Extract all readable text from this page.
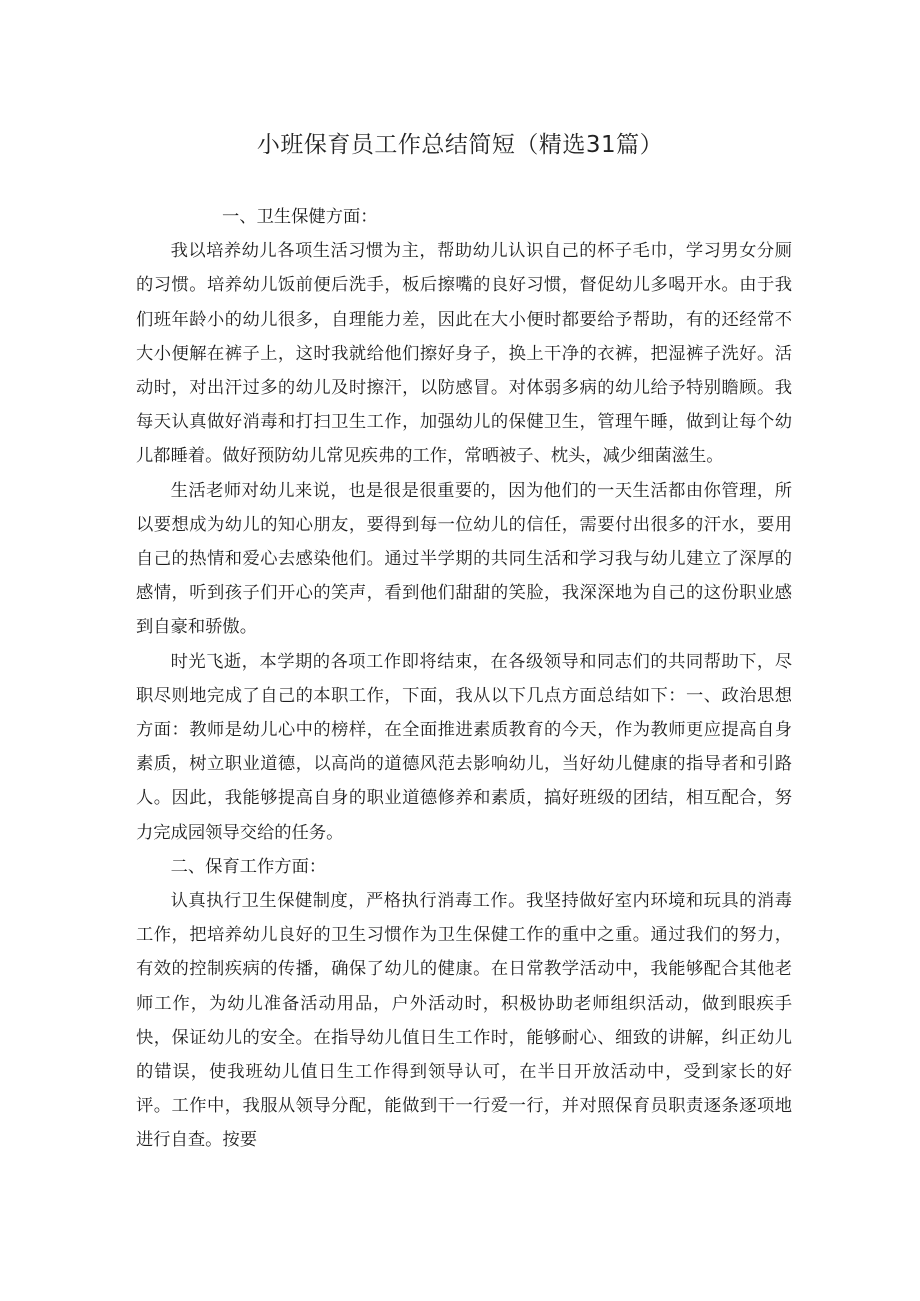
小班保育员工作总结简短（精选31篇）

一、卫生保健方面：

我以培养幼儿各项生活习惯为主，帮助幼儿认识自己的杯子毛巾，学习男女分厕的习惯。培养幼儿饭前便后洗手，板后擦嘴的良好习惯，督促幼儿多喝开水。由于我们班年龄小的幼儿很多，自理能力差，因此在大小便时都要给予帮助，有的还经常不大小便解在裤子上，这时我就给他们擦好身子，换上干净的衣裤，把湿裤子洗好。活动时，对出汗过多的幼儿及时擦汗，以防感冒。对体弱多病的幼儿给予特别瞻顾。我每天认真做好消毒和打扫卫生工作，加强幼儿的保健卫生，管理午睡，做到让每个幼儿都睡着。做好预防幼儿常见疾弗的工作，常晒被子、枕头，减少细菌滋生。

生活老师对幼儿来说，也是很是很重要的，因为他们的一天生活都由你管理，所以要想成为幼儿的知心朋友，要得到每一位幼儿的信任，需要付出很多的汗水，要用自己的热情和爱心去感染他们。通过半学期的共同生活和学习我与幼儿建立了深厚的感情，听到孩子们开心的笑声，看到他们甜甜的笑脸，我深深地为自己的这份职业感到自豪和骄傲。

时光飞逝，本学期的各项工作即将结束，在各级领导和同志们的共同帮助下，尽职尽则地完成了自己的本职工作，下面，我从以下几点方面总结如下：一、政治思想方面：教师是幼儿心中的榜样，在全面推进素质教育的今天，作为教师更应提高自身素质，树立职业道德，以高尚的道德风范去影响幼儿，当好幼儿健康的指导者和引路人。因此，我能够提高自身的职业道德修养和素质，搞好班级的团结，相互配合，努力完成园领导交给的任务。

二、保育工作方面：

认真执行卫生保健制度，严格执行消毒工作。我坚持做好室内环境和玩具的消毒工作，把培养幼儿良好的卫生习惯作为卫生保健工作的重中之重。通过我们的努力，有效的控制疾病的传播，确保了幼儿的健康。在日常教学活动中，我能够配合其他老师工作，为幼儿准备活动用品，户外活动时，积极协助老师组织活动，做到眼疾手快，保证幼儿的安全。在指导幼儿值日生工作时，能够耐心、细致的讲解，纠正幼儿的错误，使我班幼儿值日生工作得到领导认可，在半日开放活动中，受到家长的好评。工作中，我服从领导分配，能做到干一行爱一行，并对照保育员职责逐条逐项地进行自查。按要
